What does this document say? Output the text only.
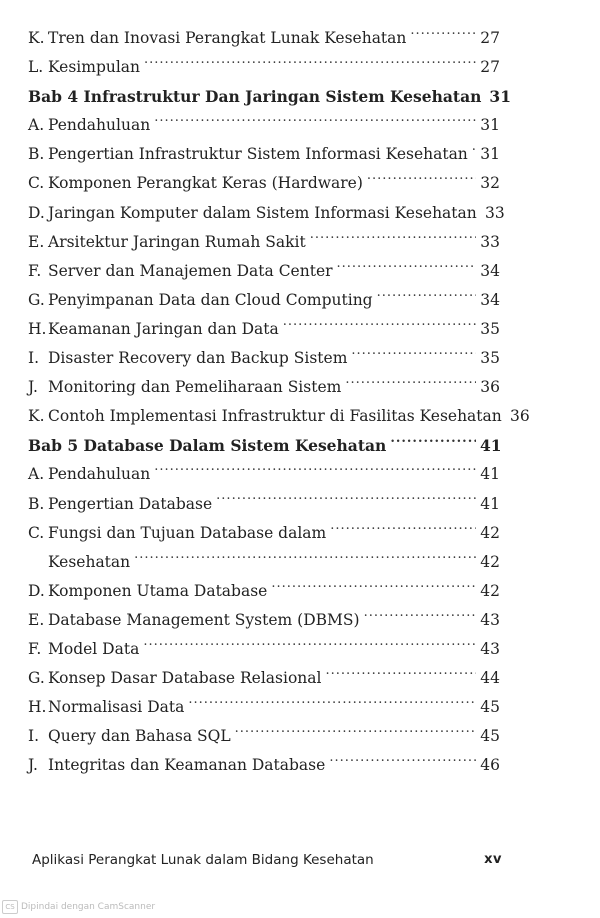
K. Tren dan Inovasi Perangkat Lunak Kesehatan .....	27
L. Kesimpulan .....	27
Bab 4 Infrastruktur Dan Jaringan Sistem Kesehatan 31
A. Pendahuluan .....	31
B. Pengertian Infrastruktur Sistem Informasi Kesehatan ..... 31
C. Komponen Perangkat Keras (Hardware) .....	32
D. Jaringan Komputer dalam Sistem Informasi Kesehatan 33
E. Arsitektur Jaringan Rumah Sakit .....	33
F. Server dan Manajemen Data Center .....	34
G. Penyimpanan Data dan Cloud Computing .....	34
H. Keamanan Jaringan dan Data .....	35
I. Disaster Recovery dan Backup Sistem .....	35
J. Monitoring dan Pemeliharaan Sistem .....	36
K. Contoh Implementasi Infrastruktur di Fasilitas Kesehatan 36
Bab 5 Database Dalam Sistem Kesehatan .....	41
A. Pendahuluan .....	41
B. Pengertian Database .....	41
C. Fungsi dan Tujuan Database dalam .....	42
Kesehatan .....	42
D. Komponen Utama Database .....	42
E. Database Management System (DBMS) .....	43
F. Model Data .....	43
G. Konsep Dasar Database Relasional .....	44
H. Normalisasi Data .....	45
I. Query dan Bahasa SQL .....	45
J. Integritas dan Keamanan Database .....	46
Aplikasi Perangkat Lunak dalam Bidang Kesehatan	xv
CS Dipindai dengan CamScanner
